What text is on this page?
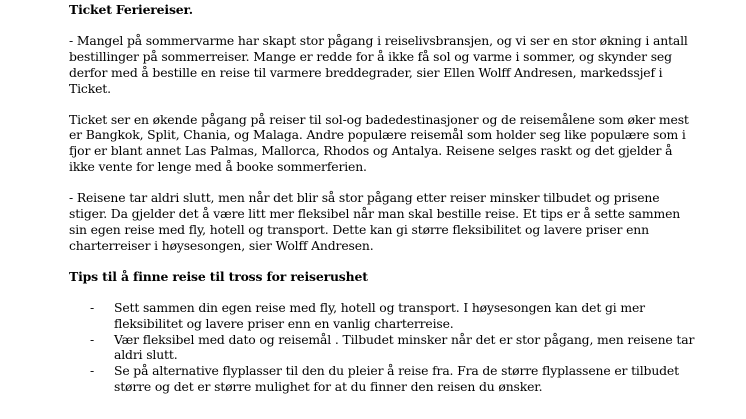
Ticket Feriereiser.

- Mangel på sommervarme har skapt stor pågang i reiselivsbransjen, og vi ser en stor økning i antall bestillinger på sommerreiser. Mange er redde for å ikke få sol og varme i sommer, og skynder seg derfor med å bestille en reise til varmere breddegrader, sier Ellen Wolff Andresen, markedssjef i Ticket.

Ticket ser en økende pågang på reiser til sol-og badedestinasjoner og de reisemålene som øker mest er Bangkok, Split, Chania, og Malaga. Andre populære reisemål som holder seg like populære som i fjor er blant annet Las Palmas, Mallorca, Rhodos og Antalya. Reisene selges raskt og det gjelder å ikke vente for lenge med å booke sommerferien.

- Reisene tar aldri slutt, men når det blir så stor pågang etter reiser minsker tilbudet og prisene stiger. Da gjelder det å være litt mer fleksibel når man skal bestille reise. Et tips er å sette sammen sin egen reise med fly, hotell og transport. Dette kan gi større fleksibilitet og lavere priser enn charterreiser i høysesongen, sier Wolff Andresen.

Tips til å finne reise til tross for reiserushet

- Sett sammen din egen reise med fly, hotell og transport. I høysesongen kan det gi mer fleksibilitet og lavere priser enn en vanlig charterreise.
- Vær fleksibel med dato og reisemål . Tilbudet minsker når det er stor pågang, men reisene tar aldri slutt.
- Se på alternative flyplasser til den du pleier å reise fra. Fra de større flyplassene er tilbudet større og det er større mulighet for at du finner den reisen du ønsker.
